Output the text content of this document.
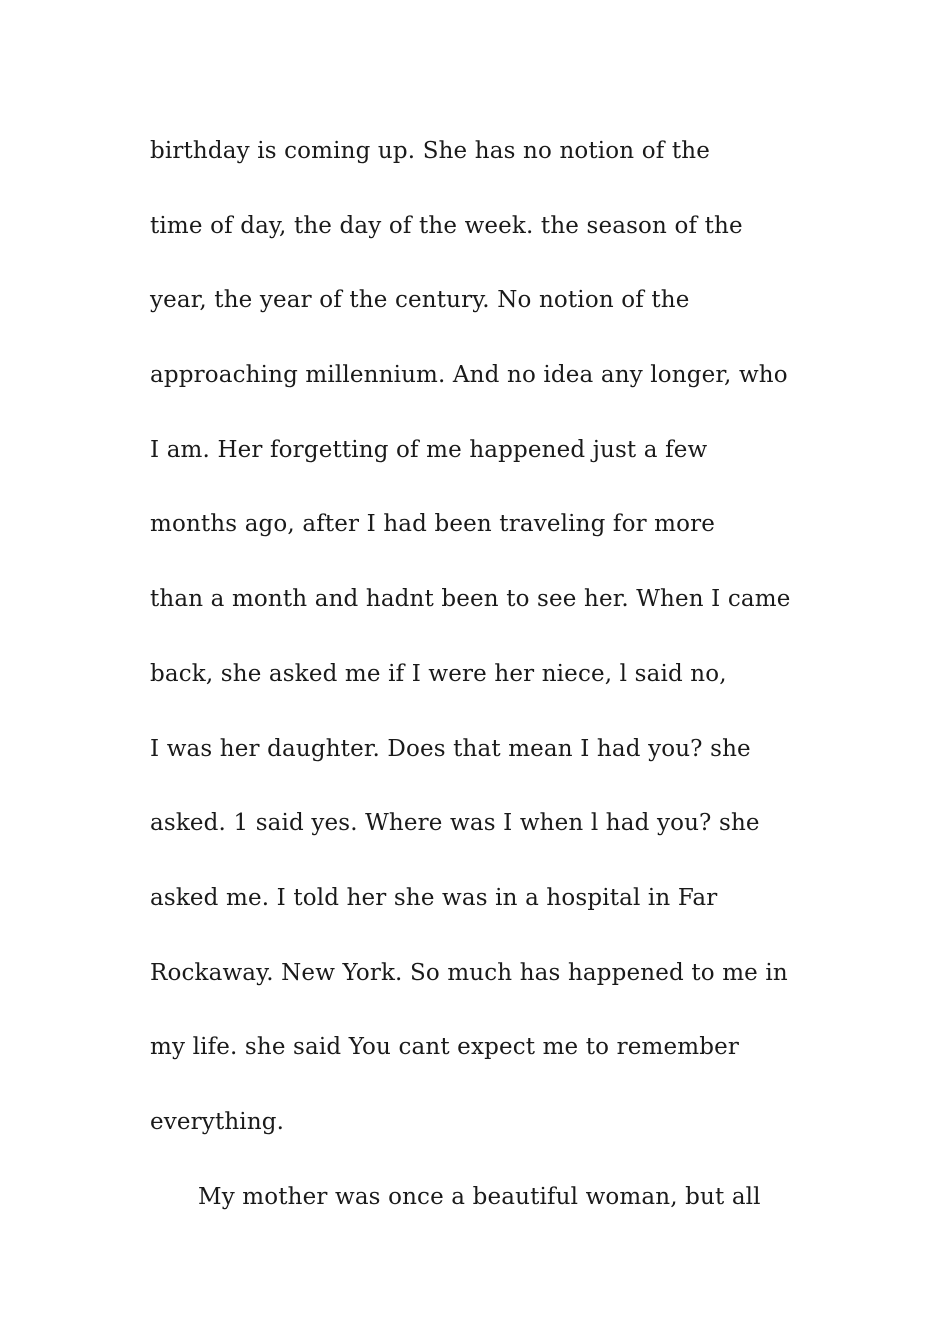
birthday is coming up. She has no notion of the
time of day, the day of the week. the season of the
year, the year of the century. No notion of the
approaching millennium. And no idea any longer, who
I am. Her forgetting of me happened just a few
months ago, after I had been traveling for more
than a month and hadnt been to see her. When I came
back, she asked me if I were her niece, l said no,
I was her daughter. Does that mean I had you? she
asked. 1 said yes. Where was I when l had you? she
asked me. I told her she was in a hospital in Far
Rockaway. New York. So much has happened to me in
my life. she said You cant expect me to remember
everything.
My mother was once a beautiful woman, but all
